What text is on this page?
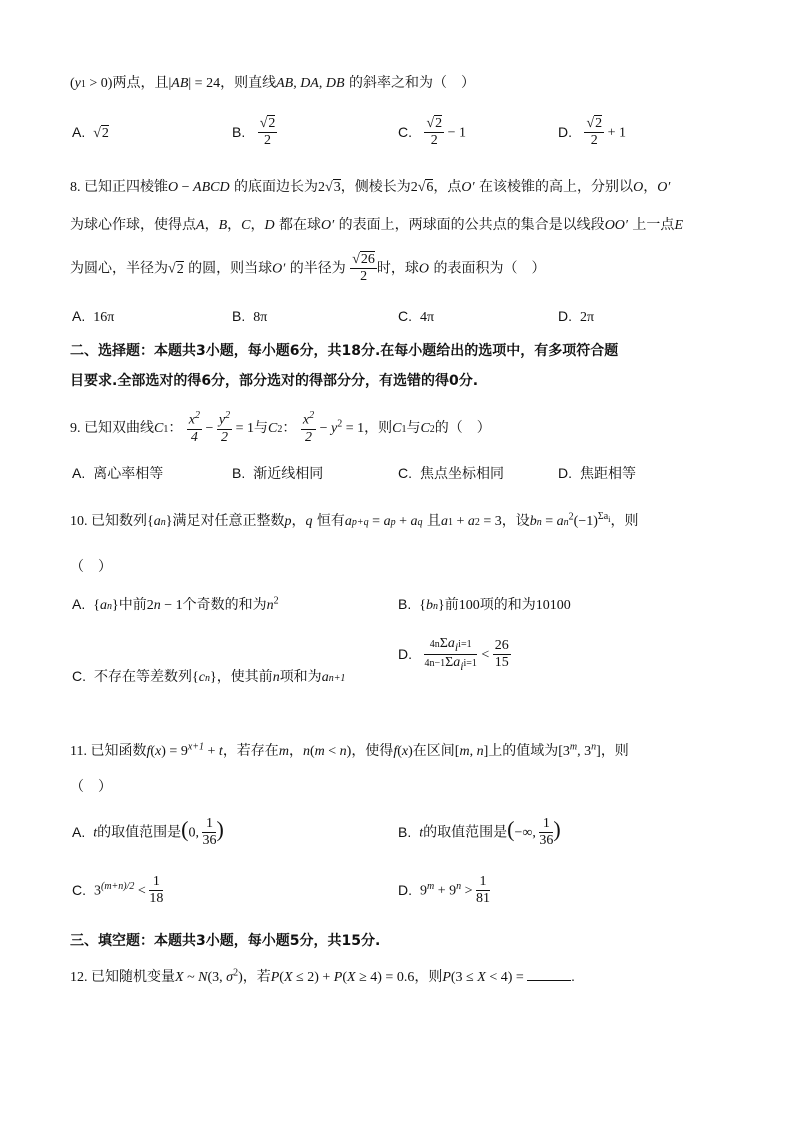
(y1 > 0)两点，且|AB| = 24，则直线AB, DA, DB 的斜率之和为（　）
A. √2	B. $\frac{√2}{2}$	C. $\frac{√2}{2} - 1$	D. $\frac{√2}{2} + 1$
8. 已知正四棱锥O − ABCD 的底面边长为2√3，侧棱长为2√6，点O′ 在该棱锥的高上，分别以O，O′
为球心作球，使得点A，B，C，D 都在球O′ 的表面上，两球面的公共点的集合是以线段OO′ 上一点E
为圆心，半径为√2 的圆，则当球O′ 的半径为 $\frac{√26}{2}$ 时，球O 的表面积为（　）
A. 16π	B. 8π	C. 4π	D. 2π
二、选择题：本题共3小题，每小题6分，共18分.在每小题给出的选项中，有多项符合题
目要求.全部选对的得6分，部分选对的得部分分，有选错的得0分.
9. 已知双曲线C1： $\frac{x^2}{4} - \frac{y^2}{2} = 1$与C2： $\frac{x^2}{2} - y^2 = 1$，则C1与C2的（　）
A. 离心率相等	B. 渐近线相同	C. 焦点坐标相同	D. 焦距相等
10. 已知数列{an}满足对任意正整数p，q 恒有ap+q = ap + aq 且a1 + a2 = 3，设bn = $an^2(-1)^{\Sigma a_i}$，则
（　）
A. {an}中前2n − 1个奇数的和为$n^2$	B. {bn}前100项的和为10100
C. 不存在等差数列{cn}，使其前n项和为an+1
D. $\frac{4n\Sigma a_ii=1}{4n-1\Sigma a_ii=1} < \frac{26}{15}$
11. 已知函数$f(x) = 9^{x+1} + t$，若存在m，n(m < n)，使得f(x)在区间[m, n]上的值域为[3$^m$, 3$^n$]，则
（　）
A. t的取值范围是(0, $\frac{1}{36}$ )	B. t的取值范围是(−∞, $\frac{1}{36}$ )
C. $3^{(m+n)/2} < \frac{1}{18}$	D. $9^m + 9^n > \frac{1}{81}$
三、填空题：本题共3小题，每小题5分，共15分.
12. 已知随机变量X ~ N(3, $\sigma^2$)，若P(X ≤ 2) + P(X ≥ 4) = 0.6，则P(3 ≤ X < 4) =	.
